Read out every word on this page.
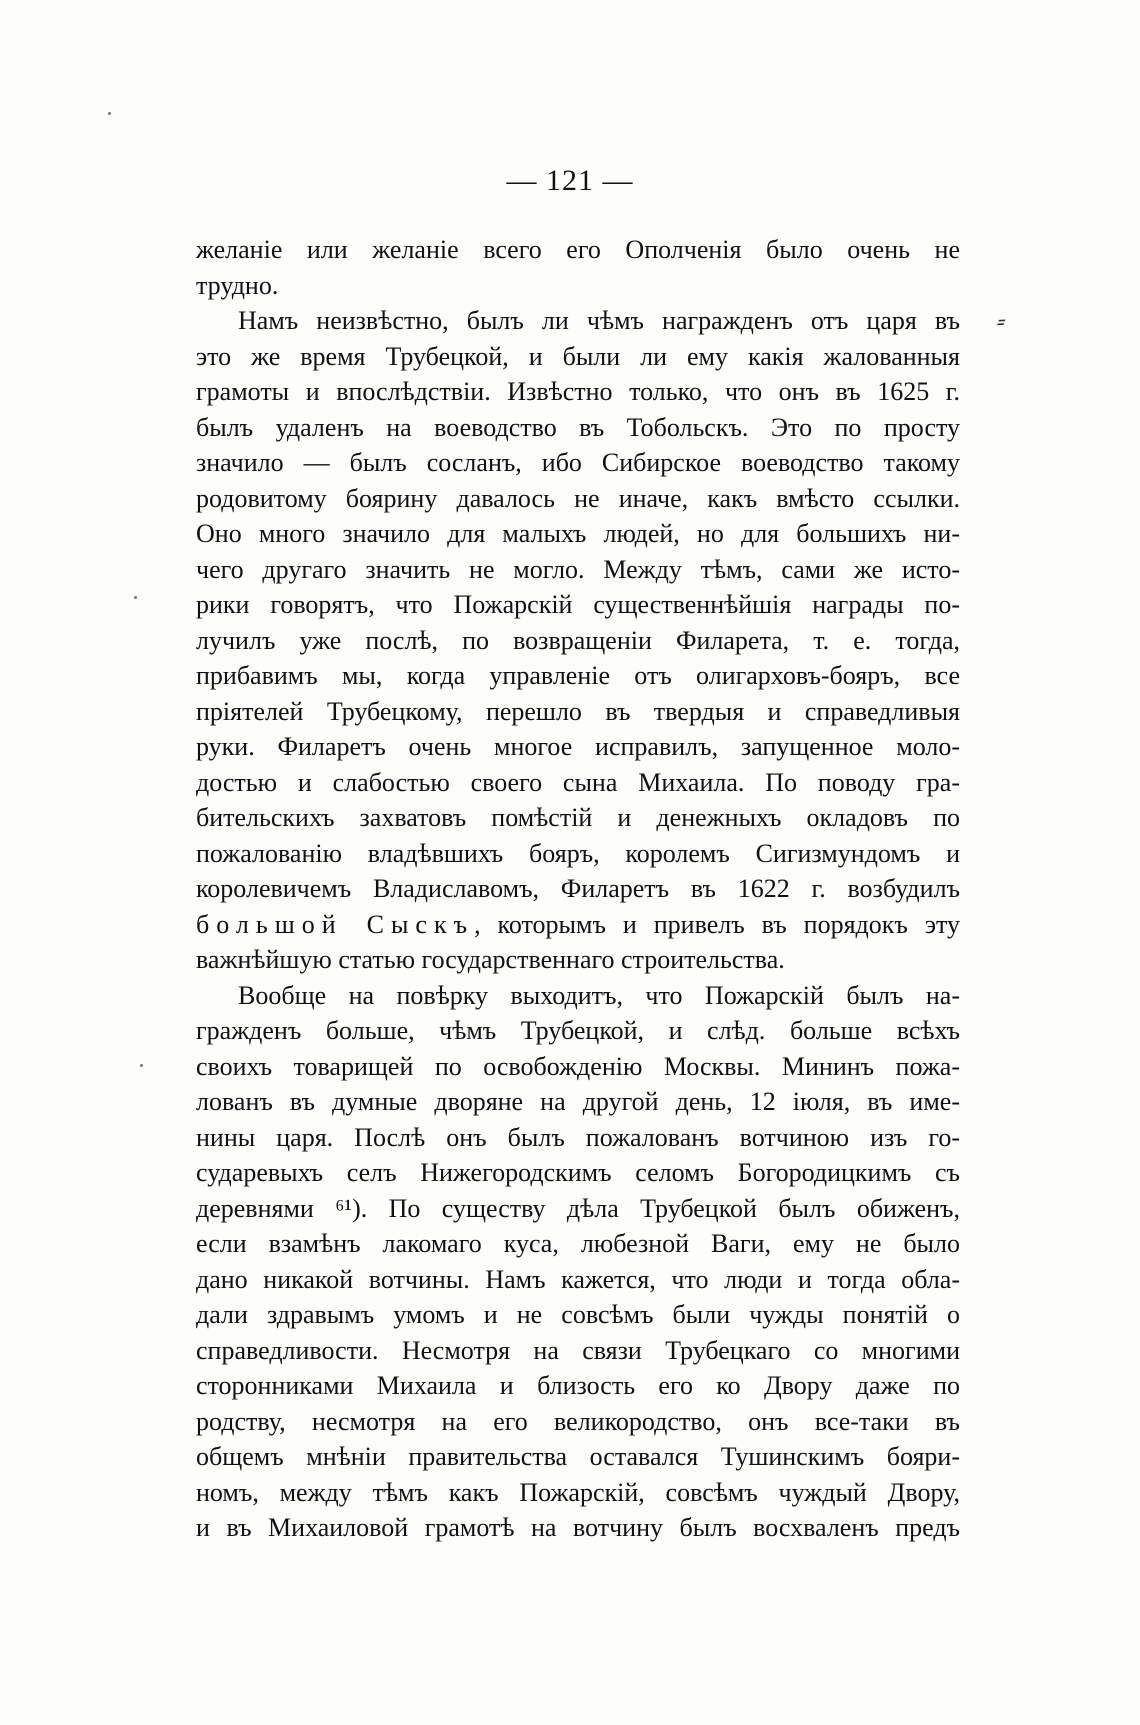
— 121 —
⸗
желаніе или желаніе всего его Ополченія было очень не
трудно.
Намъ неизвѣстно, былъ ли чѣмъ награжденъ отъ царя въ
это же время Трубецкой, и были ли ему какія жалованныя
грамоты и впослѣдствіи. Извѣстно только, что онъ въ 1625 г.
былъ удаленъ на воеводство въ Тобольскъ. Это по просту
значило — былъ сосланъ, ибо Сибирское воеводство такому
родовитому боярину давалось не иначе, какъ вмѣсто ссылки.
Оно много значило для малыхъ людей, но для большихъ ни-
чего другаго значить не могло. Между тѣмъ, сами же исто-
рики говорятъ, что Пожарскій существеннѣйшія награды по-
лучилъ уже послѣ, по возвращеніи Филарета, т. е. тогда,
прибавимъ мы, когда управленіе отъ олигарховъ-бояръ, все
пріятелей Трубецкому, перешло въ твердыя и справедливыя
руки. Филаретъ очень многое исправилъ, запущенное моло-
достью и слабостью своего сына Михаила. По поводу гра-
бительскихъ захватовъ помѣстій и денежныхъ окладовъ по
пожалованію владѣвшихъ бояръ, королемъ Сигизмундомъ и
королевичемъ Владиславомъ, Филаретъ въ 1622 г. возбудилъ
большой Сыскъ, которымъ и привелъ въ порядокъ эту
важнѣйшую статью государственнаго строительства.
Вообще на повѣрку выходитъ, что Пожарскій былъ на-
гражденъ больше, чѣмъ Трубецкой, и слѣд. больше всѣхъ
своихъ товарищей по освобожденію Москвы. Мининъ пожа-
лованъ въ думные дворяне на другой день, 12 іюля, въ име-
нины царя. Послѣ онъ былъ пожалованъ вотчиною изъ го-
сударевыхъ селъ Нижегородскимъ селомъ Богородицкимъ съ
деревнями ⁶¹). По существу дѣла Трубецкой былъ обиженъ,
если взамѣнъ лакомаго куса, любезной Ваги, ему не было
дано никакой вотчины. Намъ кажется, что люди и тогда обла-
дали здравымъ умомъ и не совсѣмъ были чужды понятій о
справедливости. Несмотря на связи Трубецкаго со многими
сторонниками Михаила и близость его ко Двору даже по
родству, несмотря на его великородство, онъ все-таки въ
общемъ мнѣніи правительства оставался Тушинскимъ бояри-
номъ, между тѣмъ какъ Пожарскій, совсѣмъ чуждый Двору,
и въ Михаиловой грамотѣ на вотчину былъ восхваленъ предъ
